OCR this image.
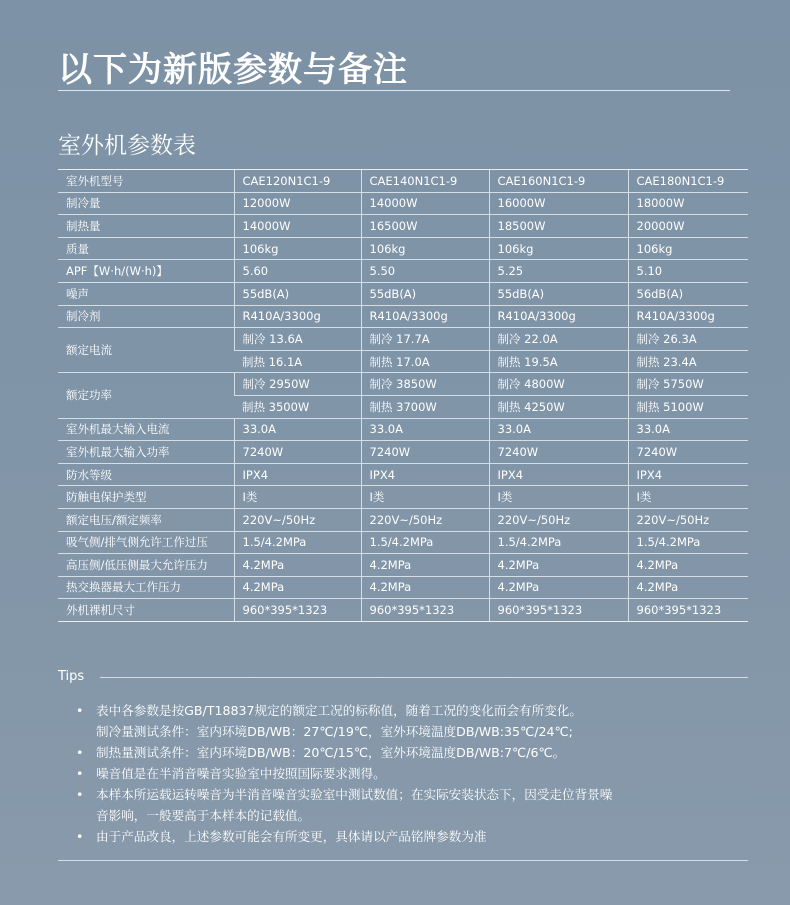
以下为新版参数与备注
室外机参数表
室外机型号	CAE120N1C1-9	CAE140N1C1-9	CAE160N1C1-9	CAE180N1C1-9
制冷量	12000W	14000W	16000W	18000W
制热量	14000W	16500W	18500W	20000W
质量	106kg	106kg	106kg	106kg
APF【W·h/(W·h)】	5.60	5.50	5.25	5.10
噪声	55dB(A)	55dB(A)	55dB(A)	56dB(A)
制冷剂	R410A/3300g	R410A/3300g	R410A/3300g	R410A/3300g
额定电流	制冷 13.6A	制冷 17.7A	制冷 22.0A	制冷 26.3A
	制热 16.1A	制热 17.0A	制热 19.5A	制热 23.4A
额定功率	制冷 2950W	制冷 3850W	制冷 4800W	制冷 5750W
	制热 3500W	制热 3700W	制热 4250W	制热 5100W
室外机最大输入电流	33.0A	33.0A	33.0A	33.0A
室外机最大输入功率	7240W	7240W	7240W	7240W
防水等级	IPX4	IPX4	IPX4	IPX4
防触电保护类型	I类	I类	I类	I类
额定电压/额定频率	220V~/50Hz	220V~/50Hz	220V~/50Hz	220V~/50Hz
吸气侧/排气侧允许工作过压	1.5/4.2MPa	1.5/4.2MPa	1.5/4.2MPa	1.5/4.2MPa
高压侧/低压侧最大允许压力	4.2MPa	4.2MPa	4.2MPa	4.2MPa
热交换器最大工作压力	4.2MPa	4.2MPa	4.2MPa	4.2MPa
外机裸机尺寸	960*395*1323	960*395*1323	960*395*1323	960*395*1323
Tips
• 表中各参数是按GB/T18837规定的额定工况的标称值，随着工况的变化而会有所变化。
制冷量测试条件：室内环境DB/WB：27℃/19℃，室外环境温度DB/WB:35℃/24℃;
• 制热量测试条件：室内环境DB/WB：20℃/15℃，室外环境温度DB/WB:7℃/6℃。
• 噪音值是在半消音噪音实验室中按照国际要求测得。
• 本样本所运载运转噪音为半消音噪音实验室中测试数值；在实际安装状态下，因受走位背景噪
音影响，一般要高于本样本的记载值。
• 由于产品改良，上述参数可能会有所变更，具体请以产品铭牌参数为准
